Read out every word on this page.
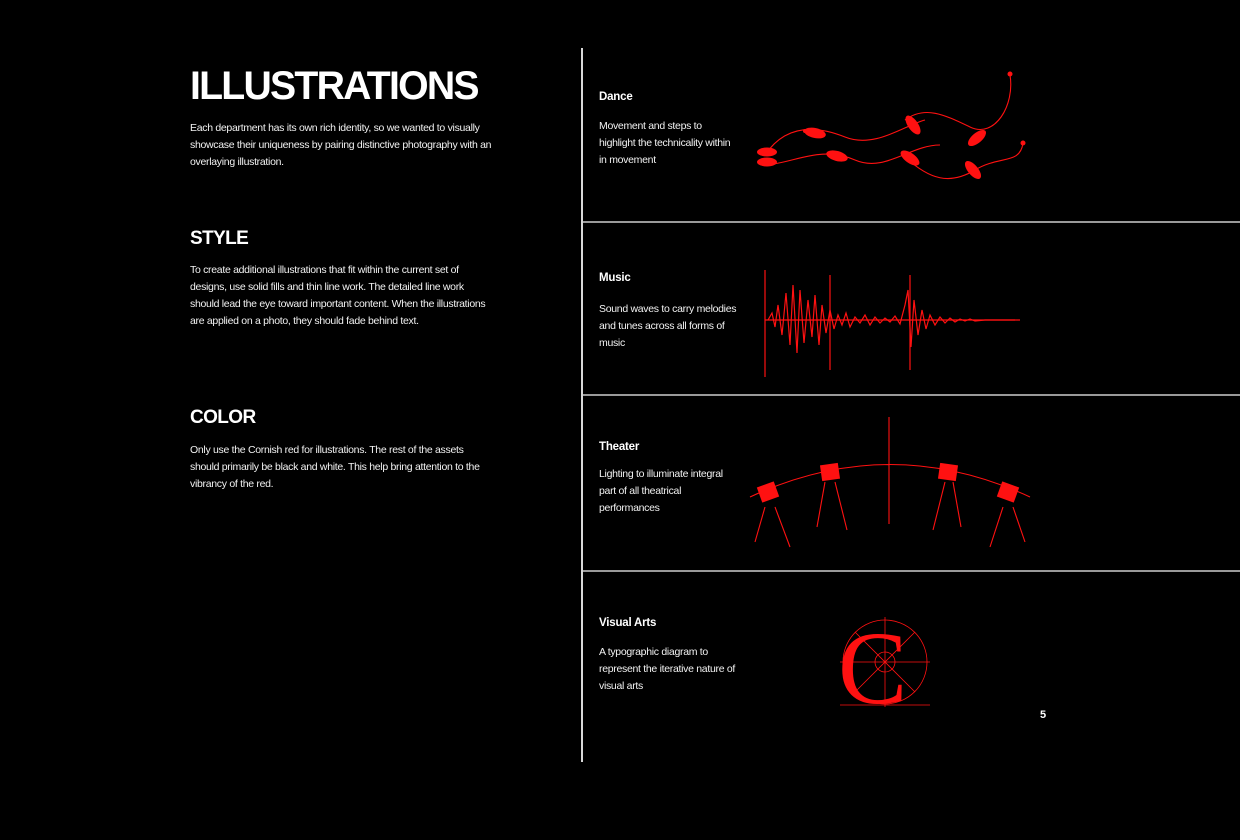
ILLUSTRATIONS

Each department has its own rich identity, so we wanted to visually showcase their uniqueness by pairing distinctive photography with an overlaying illustration.

STYLE

To create additional illustrations that fit within the current set of designs, use solid fills and thin line work. The detailed line work should lead the eye toward important content. When the illustrations are applied on a photo, they should fade behind text.

COLOR

Only use the Cornish red for illustrations. The rest of the assets should primarily be black and white. This help bring attention to the vibrancy of the red.

Dance

Movement and steps to highlight the technicality within in movement

Music

Sound waves to carry melodies and tunes across all forms of music

Theater

Lighting to illuminate integral part of all theatrical performances

Visual Arts

A typographic diagram to represent the iterative nature of visual arts	C	5
